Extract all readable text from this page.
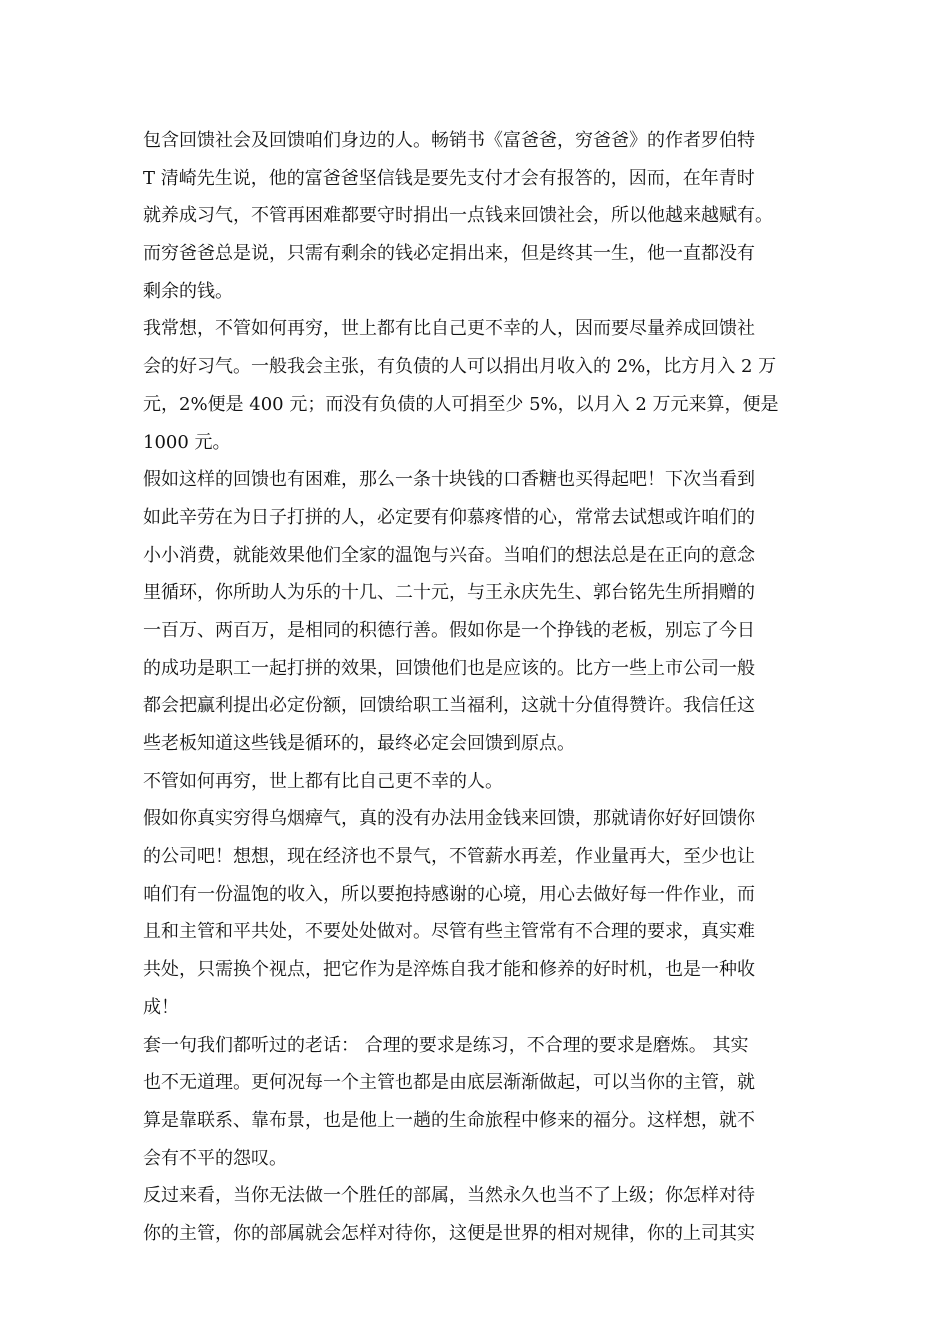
包含回馈社会及回馈咱们身边的人。畅销书《富爸爸，穷爸爸》的作者罗伯特
T 清崎先生说，他的富爸爸坚信钱是要先支付才会有报答的，因而，在年青时
就养成习气，不管再困难都要守时捐出一点钱来回馈社会，所以他越来越赋有。
而穷爸爸总是说，只需有剩余的钱必定捐出来，但是终其一生，他一直都没有
剩余的钱。
我常想，不管如何再穷，世上都有比自己更不幸的人，因而要尽量养成回馈社
会的好习气。一般我会主张，有负债的人可以捐出月收入的 2%，比方月入 2 万
元，2%便是 400 元；而没有负债的人可捐至少 5%，以月入 2 万元来算，便是
1000 元。
假如这样的回馈也有困难，那么一条十块钱的口香糖也买得起吧！下次当看到
如此辛劳在为日子打拼的人，必定要有仰慕疼惜的心，常常去试想或许咱们的
小小消费，就能效果他们全家的温饱与兴奋。当咱们的想法总是在正向的意念
里循环，你所助人为乐的十几、二十元，与王永庆先生、郭台铭先生所捐赠的
一百万、两百万，是相同的积德行善。假如你是一个挣钱的老板，别忘了今日
的成功是职工一起打拼的效果，回馈他们也是应该的。比方一些上市公司一般
都会把赢利提出必定份额，回馈给职工当福利，这就十分值得赞许。我信任这
些老板知道这些钱是循环的，最终必定会回馈到原点。
不管如何再穷，世上都有比自己更不幸的人。
假如你真实穷得乌烟瘴气，真的没有办法用金钱来回馈，那就请你好好回馈你
的公司吧！想想，现在经济也不景气，不管薪水再差，作业量再大，至少也让
咱们有一份温饱的收入，所以要抱持感谢的心境，用心去做好每一件作业，而
且和主管和平共处，不要处处做对。尽管有些主管常有不合理的要求，真实难
共处，只需换个视点，把它作为是淬炼自我才能和修养的好时机，也是一种收
成！
套一句我们都听过的老话： 合理的要求是练习，不合理的要求是磨炼。 其实
也不无道理。更何况每一个主管也都是由底层渐渐做起，可以当你的主管，就
算是靠联系、靠布景，也是他上一趟的生命旅程中修来的福分。这样想，就不
会有不平的怨叹。
反过来看，当你无法做一个胜任的部属，当然永久也当不了上级；你怎样对待
你的主管，你的部属就会怎样对待你，这便是世界的相对规律，你的上司其实
